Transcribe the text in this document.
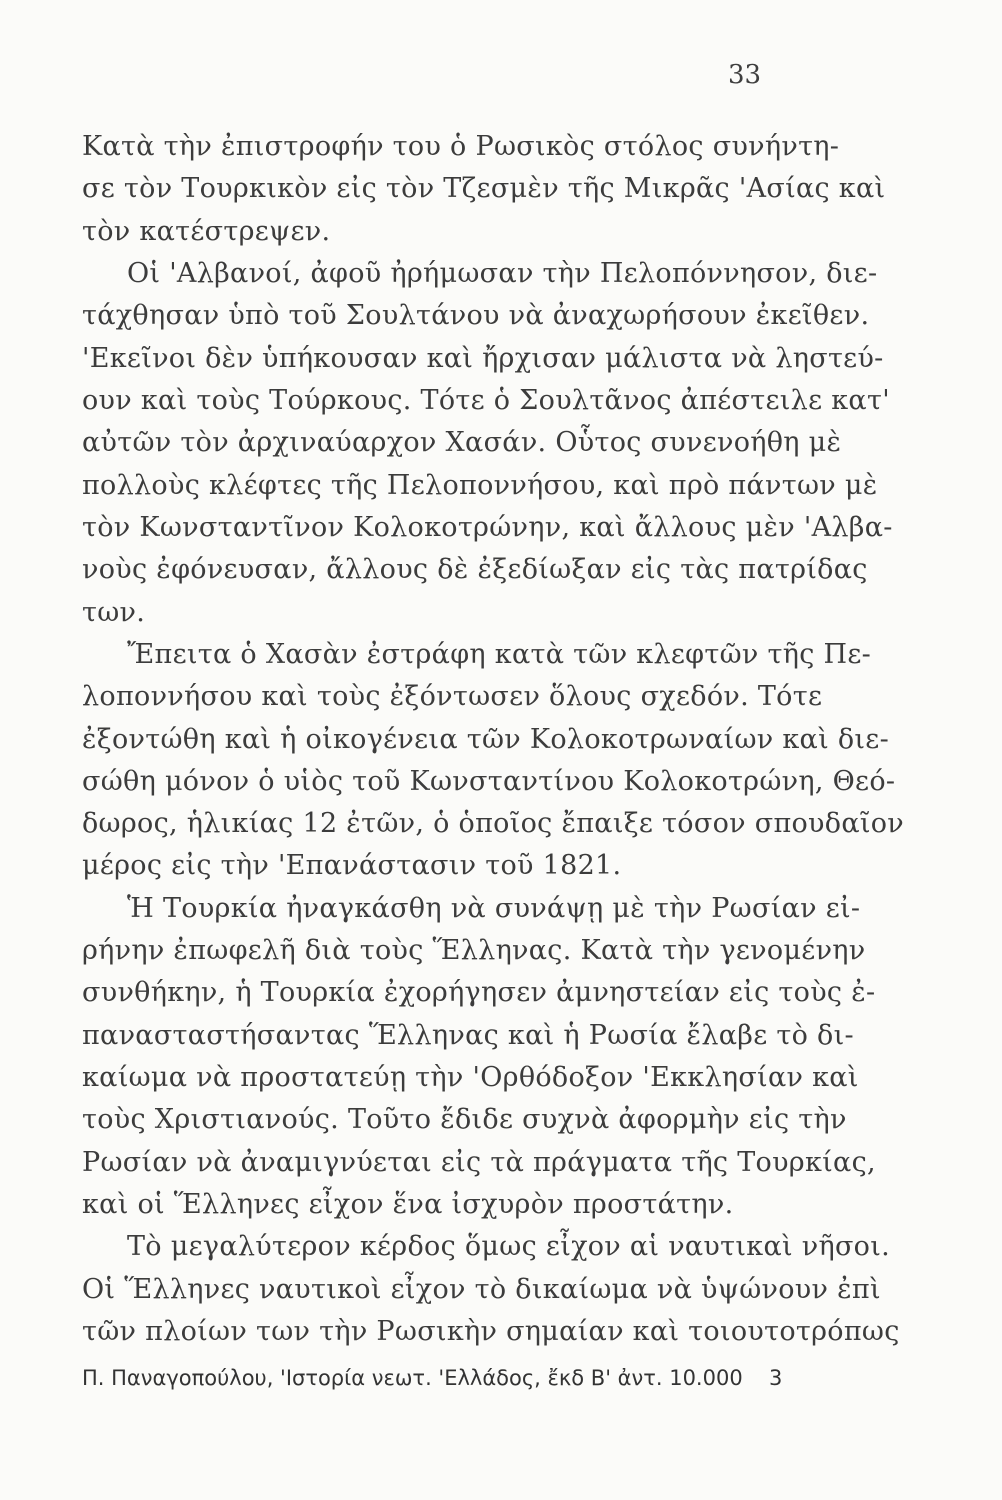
33
Κατὰ τὴν ἐπιστροφήν του ὁ Ρωσικὸς στόλος συνήντη-
σε τὸν Τουρκικὸν εἰς τὸν Τζεσμὲν τῆς Μικρᾶς 'Ασίας καὶ
τὸν κατέστρεψεν.
Οἱ 'Αλβανοί, ἀφοῦ ἠρήμωσαν τὴν Πελοπόννησον, διε-
τάχθησαν ὑπὸ τοῦ Σουλτάνου νὰ ἀναχωρήσουν ἐκεῖθεν.
'Εκεῖνοι δὲν ὑπήκουσαν καὶ ἤρχισαν μάλιστα νὰ ληστεύ-
ουν καὶ τοὺς Τούρκους. Τότε ὁ Σουλτᾶνος ἀπέστειλε κατ'
αὐτῶν τὸν ἀρχιναύαρχον Χασάν. Οὗτος συνενοήθη μὲ
πολλοὺς κλέφτες τῆς Πελοποννήσου, καὶ πρὸ πάντων μὲ
τὸν Κωνσταντῖνον Κολοκοτρώνην, καὶ ἄλλους μὲν 'Αλβα-
νοὺς ἐφόνευσαν, ἄλλους δὲ ἐξεδίωξαν εἰς τὰς πατρίδας
των.
Ἔπειτα ὁ Χασὰν ἐστράφη κατὰ τῶν κλεφτῶν τῆς Πε-
λοποννήσου καὶ τοὺς ἐξόντωσεν ὅλους σχεδόν. Τότε
ἐξοντώθη καὶ ἡ οἰκογένεια τῶν Κολοκοτρωναίων καὶ διε-
σώθη μόνον ὁ υἱὸς τοῦ Κωνσταντίνου Κολοκοτρώνη, Θεό-
δωρος, ἡλικίας 12 ἐτῶν, ὁ ὁποῖος ἔπαιξε τόσον σπουδαῖον
μέρος εἰς τὴν 'Επανάστασιν τοῦ 1821.
Ἡ Τουρκία ἠναγκάσθη νὰ συνάψῃ μὲ τὴν Ρωσίαν εἰ-
ρήνην ἐπωφελῆ διὰ τοὺς Ἕλληνας. Κατὰ τὴν γενομένην
συνθήκην, ἡ Τουρκία ἐχορήγησεν ἀμνηστείαν εἰς τοὺς ἐ-
πανασταστήσαντας Ἕλληνας καὶ ἡ Ρωσία ἔλαβε τὸ δι-
καίωμα νὰ προστατεύῃ τὴν 'Ορθόδοξον 'Εκκλησίαν καὶ
τοὺς Χριστιανούς. Τοῦτο ἔδιδε συχνὰ ἀφορμὴν εἰς τὴν
Ρωσίαν νὰ ἀναμιγνύεται εἰς τὰ πράγματα τῆς Τουρκίας,
καὶ οἱ Ἕλληνες εἶχον ἕνα ἰσχυρὸν προστάτην.
Τὸ μεγαλύτερον κέρδος ὅμως εἶχον αἱ ναυτικαὶ νῆσοι.
Οἱ Ἕλληνες ναυτικοὶ εἶχον τὸ δικαίωμα νὰ ὑψώνουν ἐπὶ
τῶν πλοίων των τὴν Ρωσικὴν σημαίαν καὶ τοιουτοτρόπως
Π. Παναγοπούλου, 'Ιστορία νεωτ. 'Ελλάδος, ἔκδ Β' ἀντ. 10.000 3
